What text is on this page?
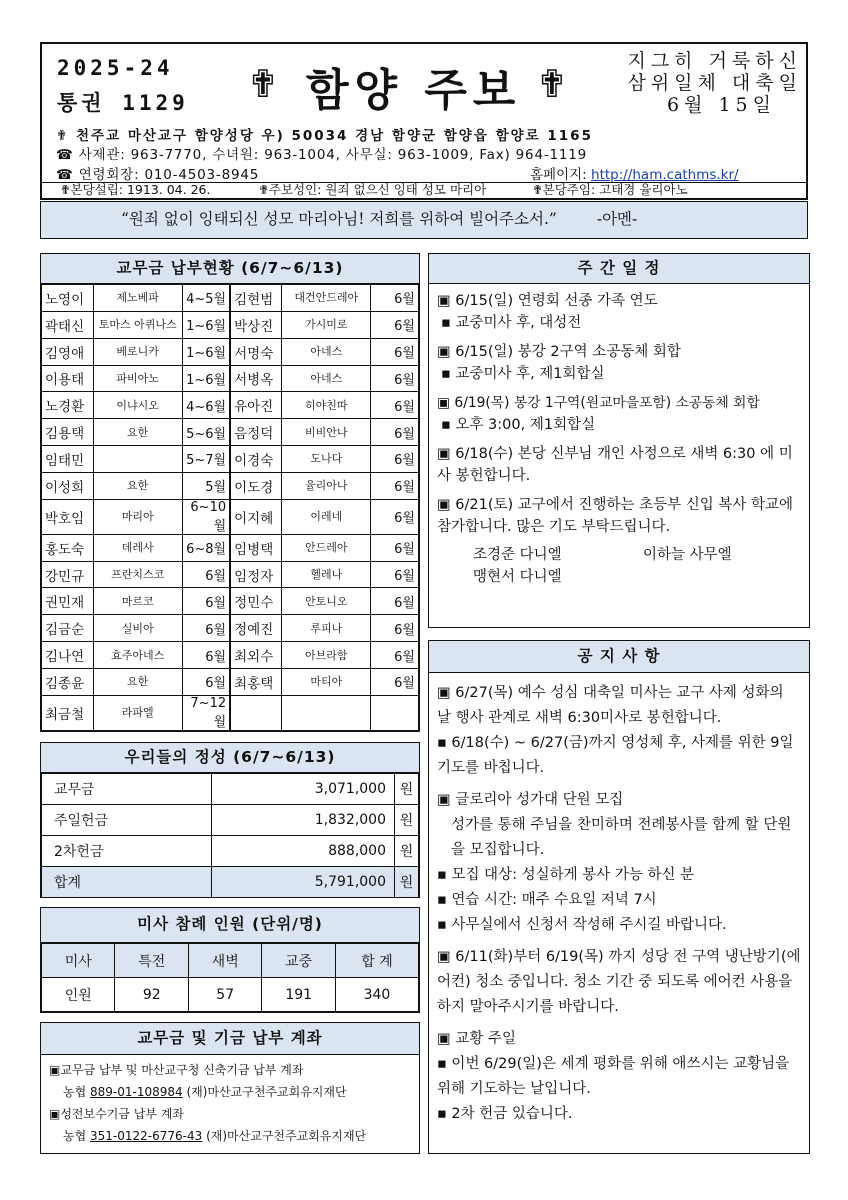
2025-24
통권 1129 ✟ 함양 주보 ✟
지그히 거룩하신
삼위일체 대축일
6월 15일
✟ 천주교 마산교구 함양성당 우) 50034 경남 함양군 함양읍 함양로 1165
☎ 사제관: 963-7770, 수녀원: 963-1004, 사무실: 963-1009, Fax) 964-1119
☎ 연령회장: 010-4503-8945	홈페이지: http://ham.cathms.kr/
✟본당설립: 1913. 04. 26.	✟주보성인: 원죄 없으신 잉태 성모 마리아	✟본당주임: 고태경 율리아노
“원죄 없이 잉태되신 성모 마리아님! 저희를 위하여 빌어주소서.”	-아멘-
교무금 납부현황 (6/7~6/13)
노영이	제노베파	4~5월	김현범	대건안드레아	6월
곽태신	토마스 아퀴나스	1~6월	박상진	가시미로	6월
김영애	베로니카	1~6월	서명숙	아네스	6월
이용태	파비아노	1~6월	서병옥	아네스	6월
노경환	이냐시오	4~6월	유아진	히야친따	6월
김용택	요한	5~6월	음정덕	비비안나	6월
임태민		5~7월	이경숙	도나다	6월
이성희	요한	5월	이도경	율리아나	6월
박호임	마리아	6~10월	이지혜	이레네	6월
홍도숙	데레사	6~8월	임병택	안드레아	6월
강민규	프란치스코	6월	임정자	헬레나	6월
권민재	마르코	6월	정민수	안토니오	6월
김금순	실비아	6월	정예진	루피나	6월
김나연	효주아네스	6월	최외수	아브라함	6월
김종윤	요한	6월	최홍택	마티아	6월
최금철	라파엘	7~12월			
우리들의 정성 (6/7~6/13)
교무금	3,071,000	원
주일헌금	1,832,000	원
2차헌금	888,000	원
합계	5,791,000	원
미사 참례 인원 (단위/명)
미사	특전	새벽	교중	합 계
인원	92	57	191	340
교무금 및 기금 납부 계좌
▣교무금 납부 및 마산교구청 신축기금 납부 계좌
농협 889-01-108984 (재)마산교구천주교회유지재단
▣성전보수기금 납부 계좌
농협 351-0122-6776-43 (재)마산교구천주교회유지재단
주 간 일 정
▣ 6/15(일) 연령회 선종 가족 연도
▪ 교중미사 후, 대성전
▣ 6/15(일) 봉강 2구역 소공동체 회합
▪ 교중미사 후, 제1회합실
▣ 6/19(목) 봉강 1구역(원교마을포함) 소공동체 회합
▪ 오후 3:00, 제1회합실
▣ 6/18(수) 본당 신부님 개인 사정으로 새벽 6:30 에 미사 봉헌합니다.
▣ 6/21(토) 교구에서 진행하는 초등부 신입 복사 학교에 참가합니다. 많은 기도 부탁드립니다.
조경준 다니엘	이하늘 사무엘
맹현서 다니엘
공 지 사 항
▣ 6/27(목) 예수 성심 대축일 미사는 교구 사제 성화의 날 행사 관계로 새벽 6:30미사로 봉헌합니다.
▪ 6/18(수) ~ 6/27(금)까지 영성체 후, 사제를 위한 9일기도를 바칩니다.
▣ 글로리아 성가대 단원 모집
성가를 통해 주님을 찬미하며 전례봉사를 함께 할 단원을 모집합니다.
▪ 모집 대상: 성실하게 봉사 가능 하신 분
▪ 연습 시간: 매주 수요일 저녁 7시
▪ 사무실에서 신청서 작성해 주시길 바랍니다.
▣ 6/11(화)부터 6/19(목) 까지 성당 전 구역 냉난방기(에어컨) 청소 중입니다. 청소 기간 중 되도록 에어컨 사용을 하지 말아주시기를 바랍니다.
▣ 교황 주일
▪ 이번 6/29(일)은 세계 평화를 위해 애쓰시는 교황님을 위해 기도하는 날입니다.
▪ 2차 헌금 있습니다.
